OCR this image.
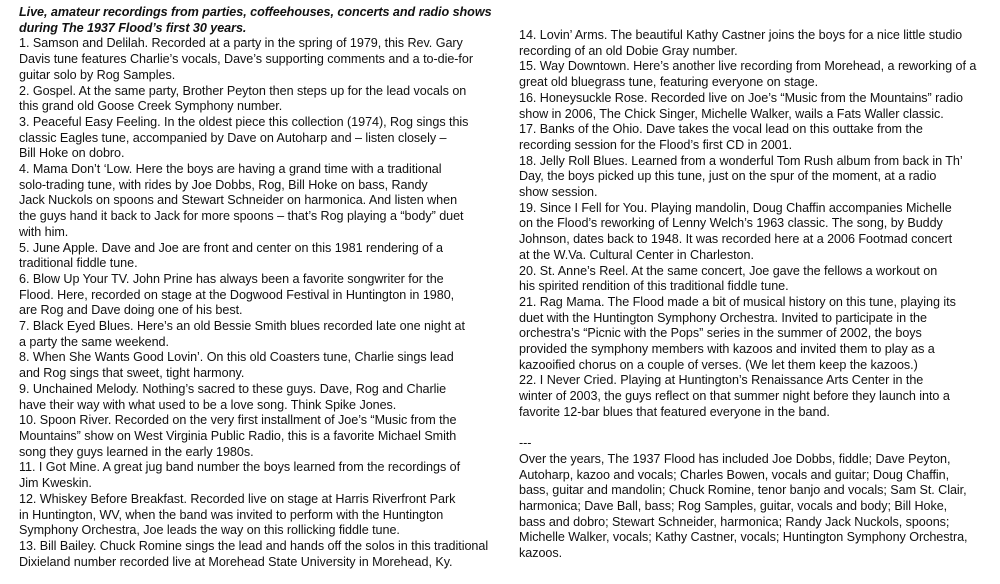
Live, amateur recordings from parties, coffeehouses, concerts and radio shows
during The 1937 Flood’s first 30 years.
1. Samson and Delilah. Recorded at a party in the spring of 1979, this Rev. Gary
Davis tune features Charlie’s vocals, Dave’s supporting comments and a to-die-for
guitar solo by Rog Samples.
2. Gospel. At the same party, Brother Peyton then steps up for the lead vocals on
this grand old Goose Creek Symphony number.
3. Peaceful Easy Feeling. In the oldest piece this collection (1974), Rog sings this
classic Eagles tune, accompanied by Dave on Autoharp and – listen closely –
Bill Hoke on dobro.
4. Mama Don’t ‘Low. Here the boys are having a grand time with a traditional
solo-trading tune, with rides by Joe Dobbs, Rog, Bill Hoke on bass, Randy
Jack Nuckols on spoons and Stewart Schneider on harmonica. And listen when
the guys hand it back to Jack for more spoons – that’s Rog playing a “body” duet
with him.
5. June Apple. Dave and Joe are front and center on this 1981 rendering of a
traditional fiddle tune.
6. Blow Up Your TV. John Prine has always been a favorite songwriter for the
Flood. Here, recorded on stage at the Dogwood Festival in Huntington in 1980,
are Rog and Dave doing one of his best.
7. Black Eyed Blues. Here’s an old Bessie Smith blues recorded late one night at
a party the same weekend.
8. When She Wants Good Lovin’. On this old Coasters tune, Charlie sings lead
and Rog sings that sweet, tight harmony.
9. Unchained Melody. Nothing’s sacred to these guys. Dave, Rog and Charlie
have their way with what used to be a love song. Think Spike Jones.
10. Spoon River. Recorded on the very first installment of Joe’s “Music from the
Mountains” show on West Virginia Public Radio, this is a favorite Michael Smith
song they guys learned in the early 1980s.
11. I Got Mine. A great jug band number the boys learned from the recordings of
Jim Kweskin.
12. Whiskey Before Breakfast. Recorded live on stage at Harris Riverfront Park
in Huntington, WV, when the band was invited to perform with the Huntington
Symphony Orchestra, Joe leads the way on this rollicking fiddle tune.
13. Bill Bailey. Chuck Romine sings the lead and hands off the solos in this traditional
Dixieland number recorded live at Morehead State University in Morehead, Ky.
14. Lovin’ Arms. The beautiful Kathy Castner joins the boys for a nice little studio
recording of an old Dobie Gray number.
15. Way Downtown. Here’s another live recording from Morehead, a reworking of a
great old bluegrass tune, featuring everyone on stage.
16. Honeysuckle Rose. Recorded live on Joe’s “Music from the Mountains” radio
show in 2006, The Chick Singer, Michelle Walker, wails a Fats Waller classic.
17. Banks of the Ohio. Dave takes the vocal lead on this outtake from the
recording session for the Flood’s first CD in 2001.
18. Jelly Roll Blues. Learned from a wonderful Tom Rush album from back in Th’
Day, the boys picked up this tune, just on the spur of the moment, at a radio
show session.
19. Since I Fell for You. Playing mandolin, Doug Chaffin accompanies Michelle
on the Flood’s reworking of Lenny Welch’s 1963 classic. The song, by Buddy
Johnson, dates back to 1948. It was recorded here at a 2006 Footmad concert
at the W.Va. Cultural Center in Charleston.
20. St. Anne’s Reel. At the same concert, Joe gave the fellows a workout on
his spirited rendition of this traditional fiddle tune.
21. Rag Mama. The Flood made a bit of musical history on this tune, playing its
duet with the Huntington Symphony Orchestra. Invited to participate in the
orchestra’s “Picnic with the Pops” series in the summer of 2002, the boys
provided the symphony members with kazoos and invited them to play as a
kazooified chorus on a couple of verses. (We let them keep the kazoos.)
22. I Never Cried. Playing at Huntington’s Renaissance Arts Center in the
winter of 2003, the guys reflect on that summer night before they launch into a
favorite 12-bar blues that featured everyone in the band.
---
Over the years, The 1937 Flood has included Joe Dobbs, fiddle; Dave Peyton,
Autoharp, kazoo and vocals; Charles Bowen, vocals and guitar; Doug Chaffin,
bass, guitar and mandolin; Chuck Romine, tenor banjo and vocals; Sam St. Clair,
harmonica; Dave Ball, bass; Rog Samples, guitar, vocals and body; Bill Hoke,
bass and dobro; Stewart Schneider, harmonica; Randy Jack Nuckols, spoons;
Michelle Walker, vocals; Kathy Castner, vocals; Huntington Symphony Orchestra,
kazoos.
